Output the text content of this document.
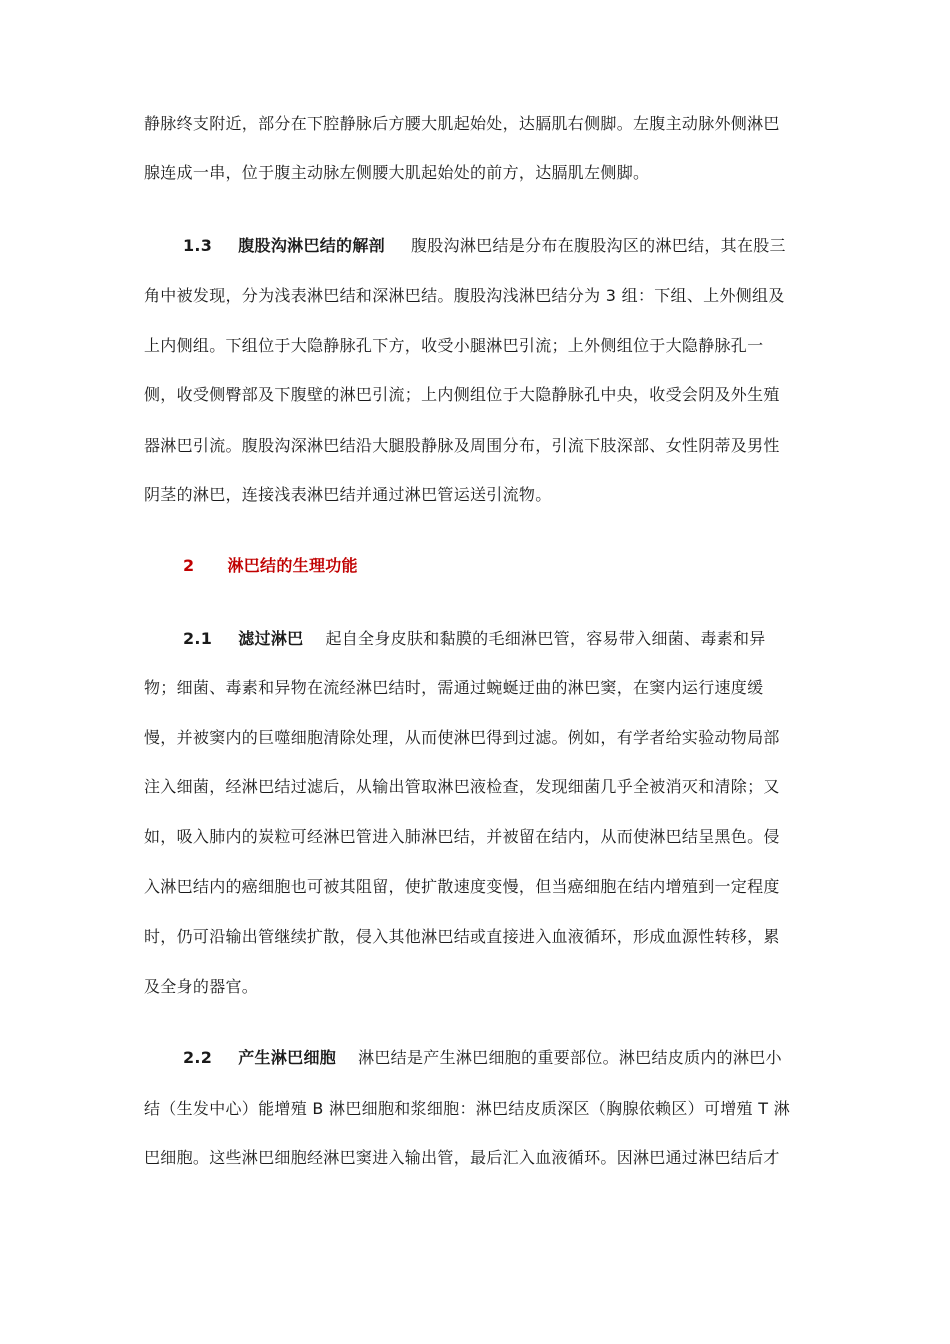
静脉终支附近，部分在下腔静脉后方腰大肌起始处，达膈肌右侧脚。左腹主动脉外侧淋巴
腺连成一串，位于腹主动脉左侧腰大肌起始处的前方，达膈肌左侧脚。
1.3 腹股沟淋巴结的解剖 腹股沟淋巴结是分布在腹股沟区的淋巴结，其在股三
角中被发现，分为浅表淋巴结和深淋巴结。腹股沟浅淋巴结分为 3 组：下组、上外侧组及
上内侧组。下组位于大隐静脉孔下方，收受小腿淋巴引流；上外侧组位于大隐静脉孔一
侧，收受侧臀部及下腹壁的淋巴引流；上内侧组位于大隐静脉孔中央，收受会阴及外生殖
器淋巴引流。腹股沟深淋巴结沿大腿股静脉及周围分布，引流下肢深部、女性阴蒂及男性
阴茎的淋巴，连接浅表淋巴结并通过淋巴管运送引流物。
2 淋巴结的生理功能
2.1 滤过淋巴 起自全身皮肤和黏膜的毛细淋巴管，容易带入细菌、毒素和异
物；细菌、毒素和异物在流经淋巴结时，需通过蜿蜒迂曲的淋巴窦，在窦内运行速度缓
慢，并被窦内的巨噬细胞清除处理，从而使淋巴得到过滤。例如，有学者给实验动物局部
注入细菌，经淋巴结过滤后，从输出管取淋巴液检查，发现细菌几乎全被消灭和清除；又
如，吸入肺内的炭粒可经淋巴管进入肺淋巴结，并被留在结内，从而使淋巴结呈黑色。侵
入淋巴结内的癌细胞也可被其阻留，使扩散速度变慢，但当癌细胞在结内增殖到一定程度
时，仍可沿输出管继续扩散，侵入其他淋巴结或直接进入血液循环，形成血源性转移，累
及全身的器官。
2.2 产生淋巴细胞 淋巴结是产生淋巴细胞的重要部位。淋巴结皮质内的淋巴小
结（生发中心）能增殖 B 淋巴细胞和浆细胞：淋巴结皮质深区（胸腺依赖区）可增殖 T 淋
巴细胞。这些淋巴细胞经淋巴窦进入输出管，最后汇入血液循环。因淋巴通过淋巴结后才
